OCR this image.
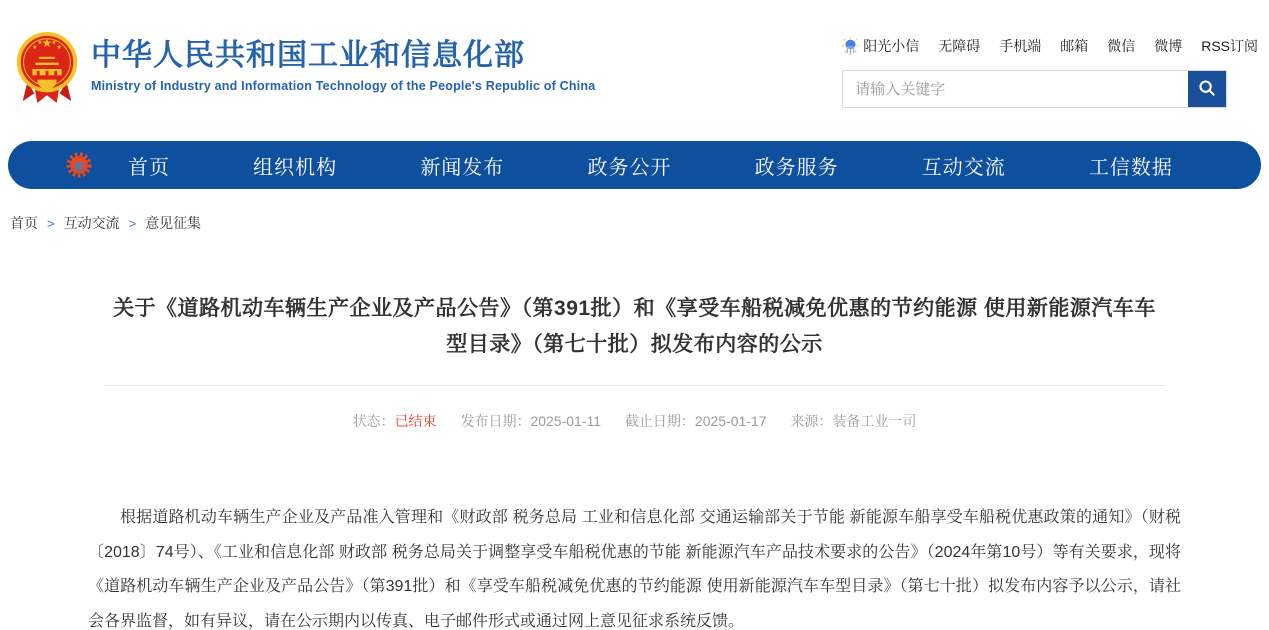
中华人民共和国工业和信息化部
Ministry of Industry and Information Technology of the People's Republic of China
阳光小信 无障碍 手机端 邮箱 微信 微博 RSS订阅
请输入关键字
e 首页	组织机构	新闻发布	政务公开	政务服务	互动交流	工信数据
首页 > 互动交流 > 意见征集
关于《道路机动车辆生产企业及产品公告》（第391批）和《享受车船税减免优惠的节约能源 使用新能源汽车车型目录》（第七十批）拟发布内容的公示
状态：已结束 发布日期：2025-01-11 截止日期：2025-01-17 来源：装备工业一司

根据道路机动车辆生产企业及产品准入管理和《财政部 税务总局 工业和信息化部 交通运输部关于节能 新能源车船享受车船税优惠政策的通知》（财税〔2018〕74号）、《工业和信息化部 财政部 税务总局关于调整享受车船税优惠的节能 新能源汽车产品技术要求的公告》（2024年第10号）等有关要求，现将《道路机动车辆生产企业及产品公告》（第391批）和《享受车船税减免优惠的节约能源 使用新能源汽车车型目录》（第七十批）拟发布内容予以公示，请社会各界监督，如有异议，请在公示期内以传真、电子邮件形式或通过网上意见征求系统反馈。
